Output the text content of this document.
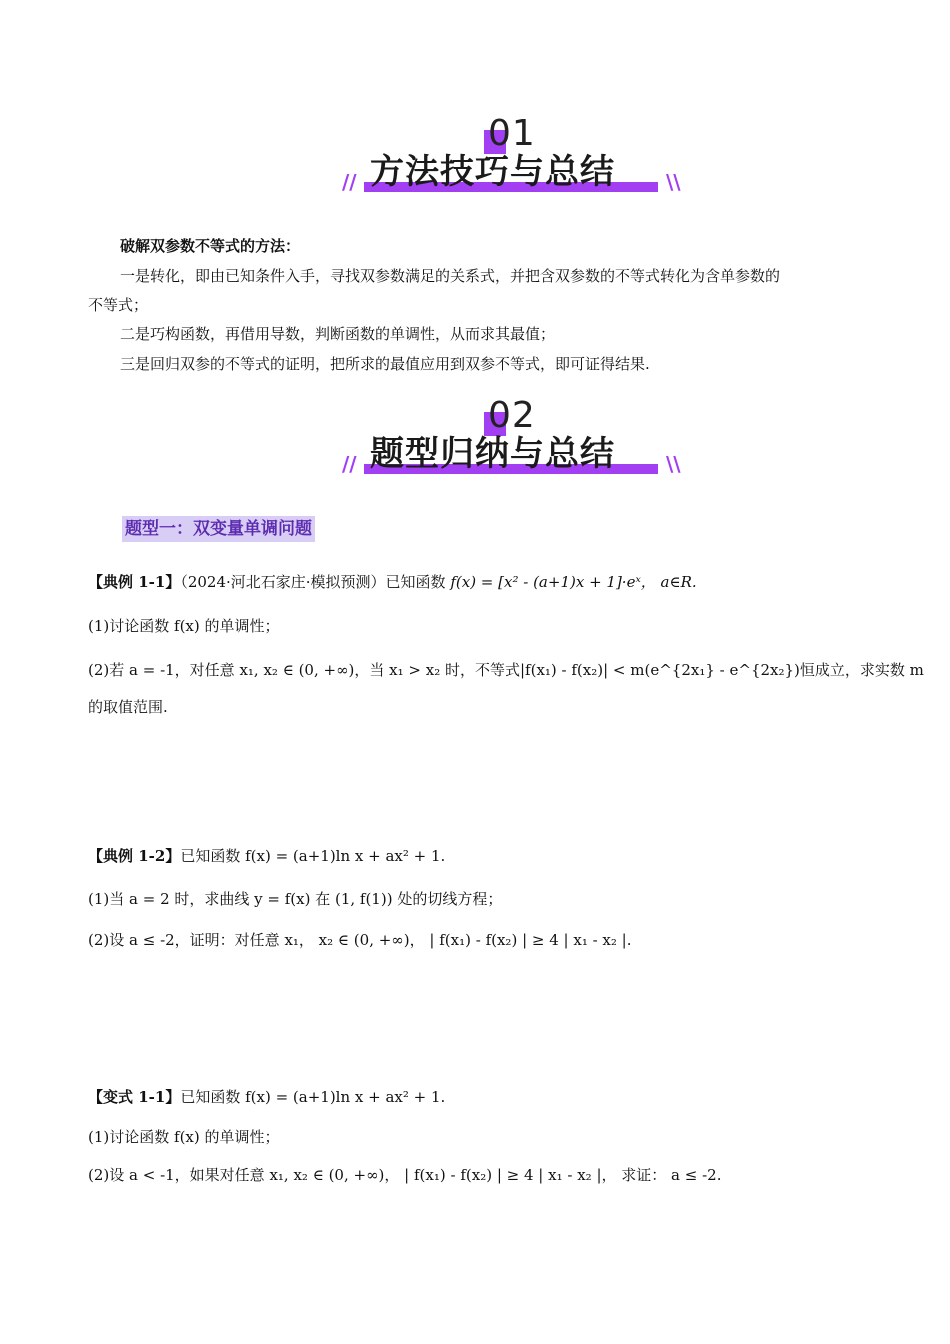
01
方法技巧与总结
//	\\
破解双参数不等式的方法：
一是转化，即由已知条件入手，寻找双参数满足的关系式，并把含双参数的不等式转化为含单参数的
不等式；
二是巧构函数，再借用导数，判断函数的单调性，从而求其最值；
三是回归双参的不等式的证明，把所求的最值应用到双参不等式，即可证得结果.
02
题型归纳与总结
//	\\
题型一：双变量单调问题
【典例 1-1】（2024·河北石家庄·模拟预测）已知函数 f(x) = [x² - (a+1)x + 1]·eˣ， a∈R.
(1)讨论函数 f(x) 的单调性；
(2)若 a = -1，对任意 x₁, x₂ ∈ (0, +∞)，当 x₁ > x₂ 时，不等式|f(x₁) - f(x₂)| < m(e^{2x₁} - e^{2x₂})恒成立，求实数 m
的取值范围.
【典例 1-2】已知函数 f(x) = (a+1)ln x + ax² + 1.
(1)当 a = 2 时，求曲线 y = f(x) 在 (1, f(1)) 处的切线方程；
(2)设 a ≤ -2，证明：对任意 x₁， x₂ ∈ (0, +∞)， | f(x₁) - f(x₂) | ≥ 4 | x₁ - x₂ |.
【变式 1-1】已知函数 f(x) = (a+1)ln x + ax² + 1.
(1)讨论函数 f(x) 的单调性；
(2)设 a < -1，如果对任意 x₁, x₂ ∈ (0, +∞)， | f(x₁) - f(x₂) | ≥ 4 | x₁ - x₂ |， 求证： a ≤ -2.
